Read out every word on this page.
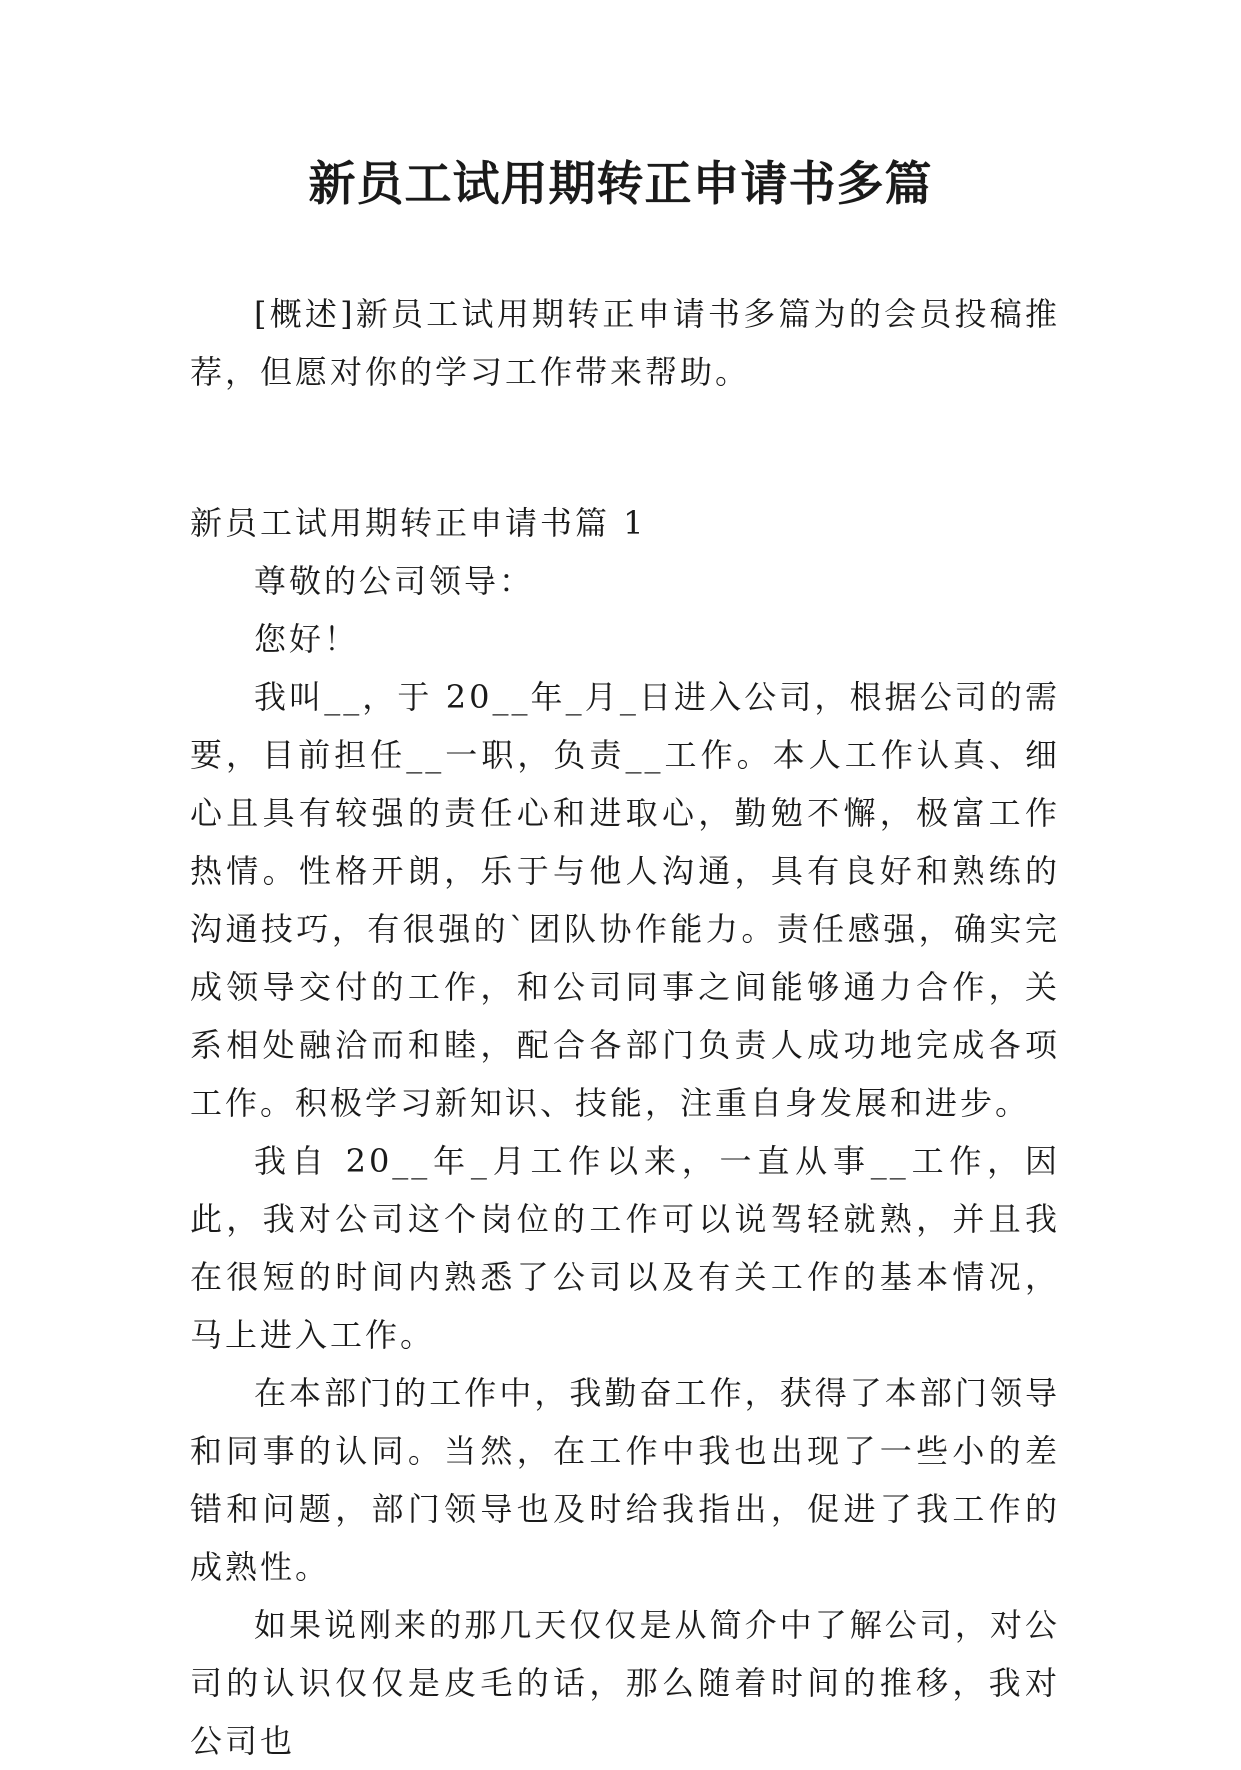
新员工试用期转正申请书多篇

[概述]新员工试用期转正申请书多篇为的会员投稿推荐，但愿对你的学习工作带来帮助。

新员工试用期转正申请书篇 1

尊敬的公司领导：

您好！

我叫__，于 20__年_月_日进入公司，根据公司的需要，目前担任__一职，负责__工作。本人工作认真、细心且具有较强的责任心和进取心，勤勉不懈，极富工作热情。性格开朗，乐于与他人沟通，具有良好和熟练的沟通技巧，有很强的`团队协作能力。责任感强，确实完成领导交付的工作，和公司同事之间能够通力合作，关系相处融洽而和睦，配合各部门负责人成功地完成各项工作。积极学习新知识、技能，注重自身发展和进步。

我自 20__年_月工作以来，一直从事__工作，因此，我对公司这个岗位的工作可以说驾轻就熟，并且我在很短的时间内熟悉了公司以及有关工作的基本情况，马上进入工作。

在本部门的工作中，我勤奋工作，获得了本部门领导和同事的认同。当然，在工作中我也出现了一些小的差错和问题，部门领导也及时给我指出，促进了我工作的成熟性。

如果说刚来的那几天仅仅是从简介中了解公司，对公司的认识仅仅是皮毛的话，那么随着时间的推移，我对公司也
